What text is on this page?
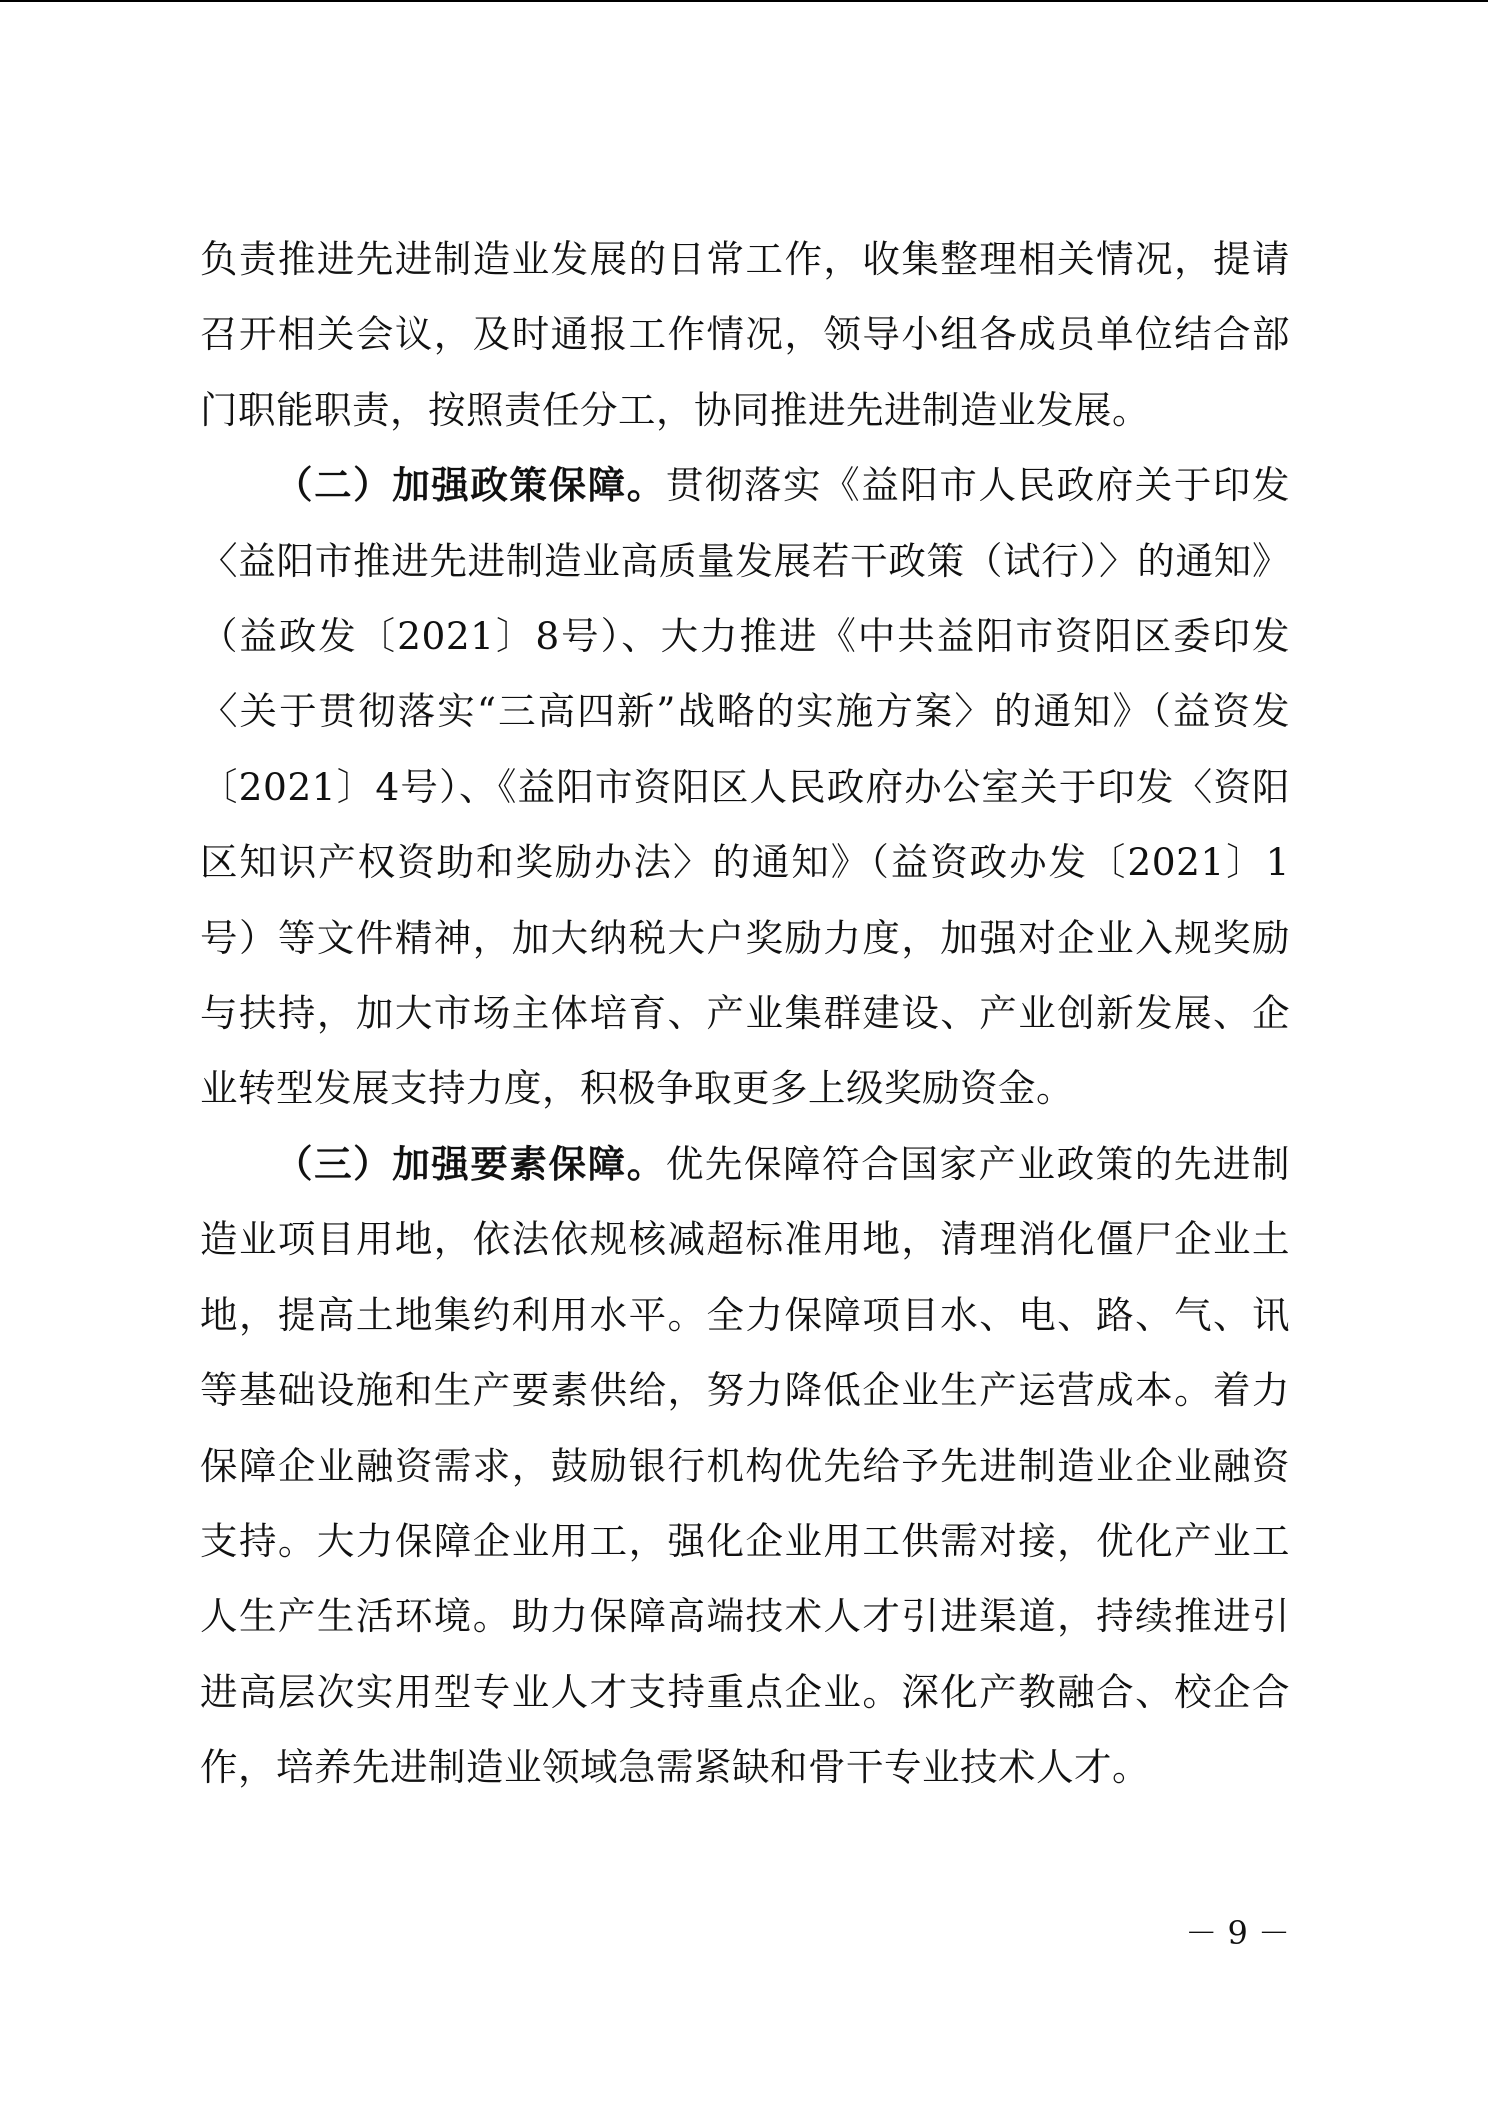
负责推进先进制造业发展的日常工作，收集整理相关情况，提请召开相关会议，及时通报工作情况，领导小组各成员单位结合部门职能职责，按照责任分工，协同推进先进制造业发展。

（二）加强政策保障。贯彻落实《益阳市人民政府关于印发〈益阳市推进先进制造业高质量发展若干政策（试行）〉的通知》（益政发〔2021〕8号）、大力推进《中共益阳市资阳区委印发〈关于贯彻落实“三高四新”战略的实施方案〉的通知》（益资发〔2021〕4号）、《益阳市资阳区人民政府办公室关于印发〈资阳区知识产权资助和奖励办法〉的通知》（益资政办发〔2021〕1号）等文件精神，加大纳税大户奖励力度，加强对企业入规奖励与扶持，加大市场主体培育、产业集群建设、产业创新发展、企业转型发展支持力度，积极争取更多上级奖励资金。

（三）加强要素保障。优先保障符合国家产业政策的先进制造业项目用地，依法依规核减超标准用地，清理消化僵尸企业土地，提高土地集约利用水平。全力保障项目水、电、路、气、讯等基础设施和生产要素供给，努力降低企业生产运营成本。着力保障企业融资需求，鼓励银行机构优先给予先进制造业企业融资支持。大力保障企业用工，强化企业用工供需对接，优化产业工人生产生活环境。助力保障高端技术人才引进渠道，持续推进引进高层次实用型专业人才支持重点企业。深化产教融合、校企合作，培养先进制造业领域急需紧缺和骨干专业技术人才。

－ 9 －
